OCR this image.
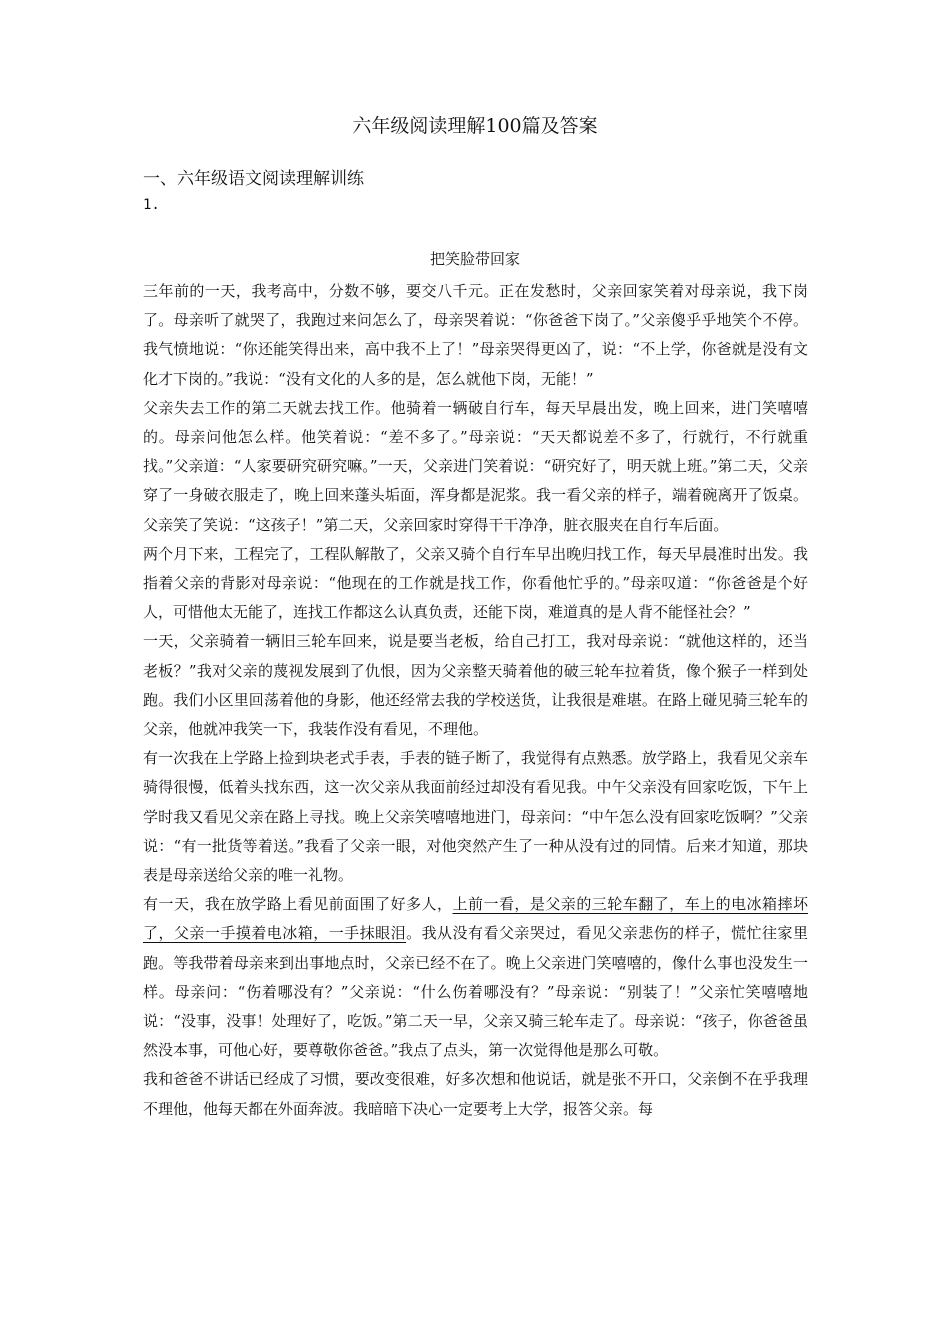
六年级阅读理解100篇及答案
一、六年级语文阅读理解训练
1.
把笑脸带回家

三年前的一天，我考高中，分数不够，要交八千元。正在发愁时，父亲回家笑着对母亲说，我下岗了。母亲听了就哭了，我跑过来问怎么了，母亲哭着说：“你爸爸下岗了。”父亲傻乎乎地笑个不停。我气愤地说：“你还能笑得出来，高中我不上了！”母亲哭得更凶了，说：“不上学，你爸就是没有文化才下岗的。”我说：“没有文化的人多的是，怎么就他下岗，无能！”

父亲失去工作的第二天就去找工作。他骑着一辆破自行车，每天早晨出发，晚上回来，进门笑嘻嘻的。母亲问他怎么样。他笑着说：“差不多了。”母亲说：“天天都说差不多了，行就行，不行就重找。”父亲道：“人家要研究研究嘛。”一天，父亲进门笑着说：“研究好了，明天就上班。”第二天，父亲穿了一身破衣服走了，晚上回来蓬头垢面，浑身都是泥浆。我一看父亲的样子，端着碗离开了饭桌。父亲笑了笑说：“这孩子！”第二天，父亲回家时穿得干干净净，脏衣服夹在自行车后面。

两个月下来，工程完了，工程队解散了，父亲又骑个自行车早出晚归找工作，每天早晨准时出发。我指着父亲的背影对母亲说：“他现在的工作就是找工作，你看他忙乎的。”母亲叹道：“你爸爸是个好人，可惜他太无能了，连找工作都这么认真负责，还能下岗，难道真的是人背不能怪社会？”

一天，父亲骑着一辆旧三轮车回来，说是要当老板，给自己打工，我对母亲说：“就他这样的，还当老板？”我对父亲的蔑视发展到了仇恨，因为父亲整天骑着他的破三轮车拉着货，像个猴子一样到处跑。我们小区里回荡着他的身影，他还经常去我的学校送货，让我很是难堪。在路上碰见骑三轮车的父亲，他就冲我笑一下，我装作没有看见，不理他。

有一次我在上学路上捡到块老式手表，手表的链子断了，我觉得有点熟悉。放学路上，我看见父亲车骑得很慢，低着头找东西，这一次父亲从我面前经过却没有看见我。中午父亲没有回家吃饭，下午上学时我又看见父亲在路上寻找。晚上父亲笑嘻嘻地进门，母亲问：“中午怎么没有回家吃饭啊？”父亲说：“有一批货等着送。”我看了父亲一眼，对他突然产生了一种从没有过的同情。后来才知道，那块表是母亲送给父亲的唯一礼物。

有一天，我在放学路上看见前面围了好多人，上前一看，是父亲的三轮车翻了，车上的电冰箱摔坏了，父亲一手摸着电冰箱，一手抹眼泪。我从没有看父亲哭过，看见父亲悲伤的样子，慌忙往家里跑。等我带着母亲来到出事地点时，父亲已经不在了。晚上父亲进门笑嘻嘻的，像什么事也没发生一样。母亲问：“伤着哪没有？”父亲说：“什么伤着哪没有？”母亲说：“别装了！”父亲忙笑嘻嘻地说：“没事，没事！处理好了，吃饭。”第二天一早，父亲又骑三轮车走了。母亲说：“孩子，你爸爸虽然没本事，可他心好，要尊敬你爸爸。”我点了点头，第一次觉得他是那么可敬。

我和爸爸不讲话已经成了习惯，要改变很难，好多次想和他说话，就是张不开口，父亲倒不在乎我理不理他，他每天都在外面奔波。我暗暗下决心一定要考上大学，报答父亲。每
